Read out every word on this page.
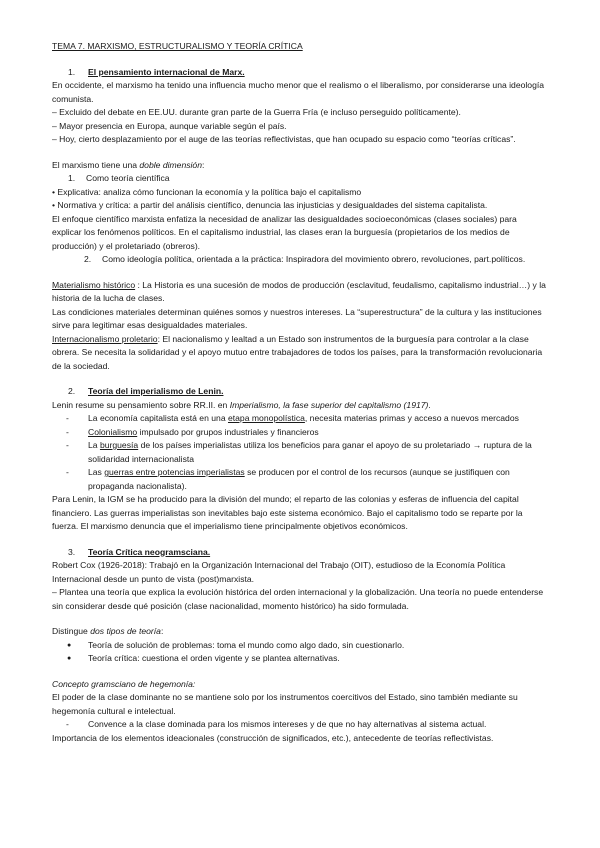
TEMA 7. MARXISMO, ESTRUCTURALISMO Y TEORÍA CRÍTICA

1. El pensamiento internacional de Marx.

En occidente, el marxismo ha tenido una influencia mucho menor que el realismo o el liberalismo, por considerarse una ideología comunista.

– Excluido del debate en EE.UU. durante gran parte de la Guerra Fría (e incluso perseguido políticamente).

– Mayor presencia en Europa, aunque variable según el país.

– Hoy, cierto desplazamiento por el auge de las teorías reflectivistas, que han ocupado su espacio como “teorías críticas”.

El marxismo tiene una doble dimensión:

1. Como teoría científica

• Explicativa: analiza cómo funcionan la economía y la política bajo el capitalismo

• Normativa y crítica: a partir del análisis científico, denuncia las injusticias y desigualdades del sistema capitalista.

El enfoque científico marxista enfatiza la necesidad de analizar las desigualdades socioeconómicas (clases sociales) para explicar los fenómenos políticos. En el capitalismo industrial, las clases eran la burguesía (propietarios de los medios de producción) y el proletariado (obreros).

2. Como ideología política, orientada a la práctica: Inspiradora del movimiento obrero, revoluciones, part.políticos.

Materialismo histórico : La Historia es una sucesión de modos de producción (esclavitud, feudalismo, capitalismo industrial…) y la historia de la lucha de clases.

Las condiciones materiales determinan quiénes somos y nuestros intereses. La “superestructura” de la cultura y las instituciones sirve para legitimar esas desigualdades materiales.

Internacionalismo proletario: El nacionalismo y lealtad a un Estado son instrumentos de la burguesía para controlar a la clase obrera. Se necesita la solidaridad y el apoyo mutuo entre trabajadores de todos los países, para la transformación revolucionaria de la sociedad.

2. Teoría del imperialismo de Lenin.

Lenin resume su pensamiento sobre RR.II. en Imperialismo, la fase superior del capitalismo (1917).

- La economía capitalista está en una etapa monopolística, necesita materias primas y acceso a nuevos mercados
- Colonialismo impulsado por grupos industriales y financieros
- La burguesía de los países imperialistas utiliza los beneficios para ganar el apoyo de su proletariado → ruptura de la solidaridad internacionalista
- Las guerras entre potencias imperialistas se producen por el control de los recursos (aunque se justifiquen con propaganda nacionalista).

Para Lenin, la IGM se ha producido para la división del mundo; el reparto de las colonias y esferas de influencia del capital financiero. Las guerras imperialistas son inevitables bajo este sistema económico. Bajo el capitalismo todo se reparte por la fuerza. El marxismo denuncia que el imperialismo tiene principalmente objetivos económicos.

3. Teoría Crítica neogramsciana.

Robert Cox (1926-2018): Trabajó en la Organización Internacional del Trabajo (OIT), estudioso de la Economía Política Internacional desde un punto de vista (post)marxista.

– Plantea una teoría que explica la evolución histórica del orden internacional y la globalización. Una teoría no puede entenderse sin considerar desde qué posición (clase nacionalidad, momento histórico) ha sido formulada.

Distingue dos tipos de teoría:

● Teoría de solución de problemas: toma el mundo como algo dado, sin cuestionarlo.
● Teoría crítica: cuestiona el orden vigente y se plantea alternativas.

Concepto gramsciano de hegemonía:

El poder de la clase dominante no se mantiene solo por los instrumentos coercitivos del Estado, sino también mediante su hegemonía cultural e intelectual.

- Convence a la clase dominada para los mismos intereses y de que no hay alternativas al sistema actual.

Importancia de los elementos ideacionales (construcción de significados, etc.), antecedente de teorías reflectivistas.
